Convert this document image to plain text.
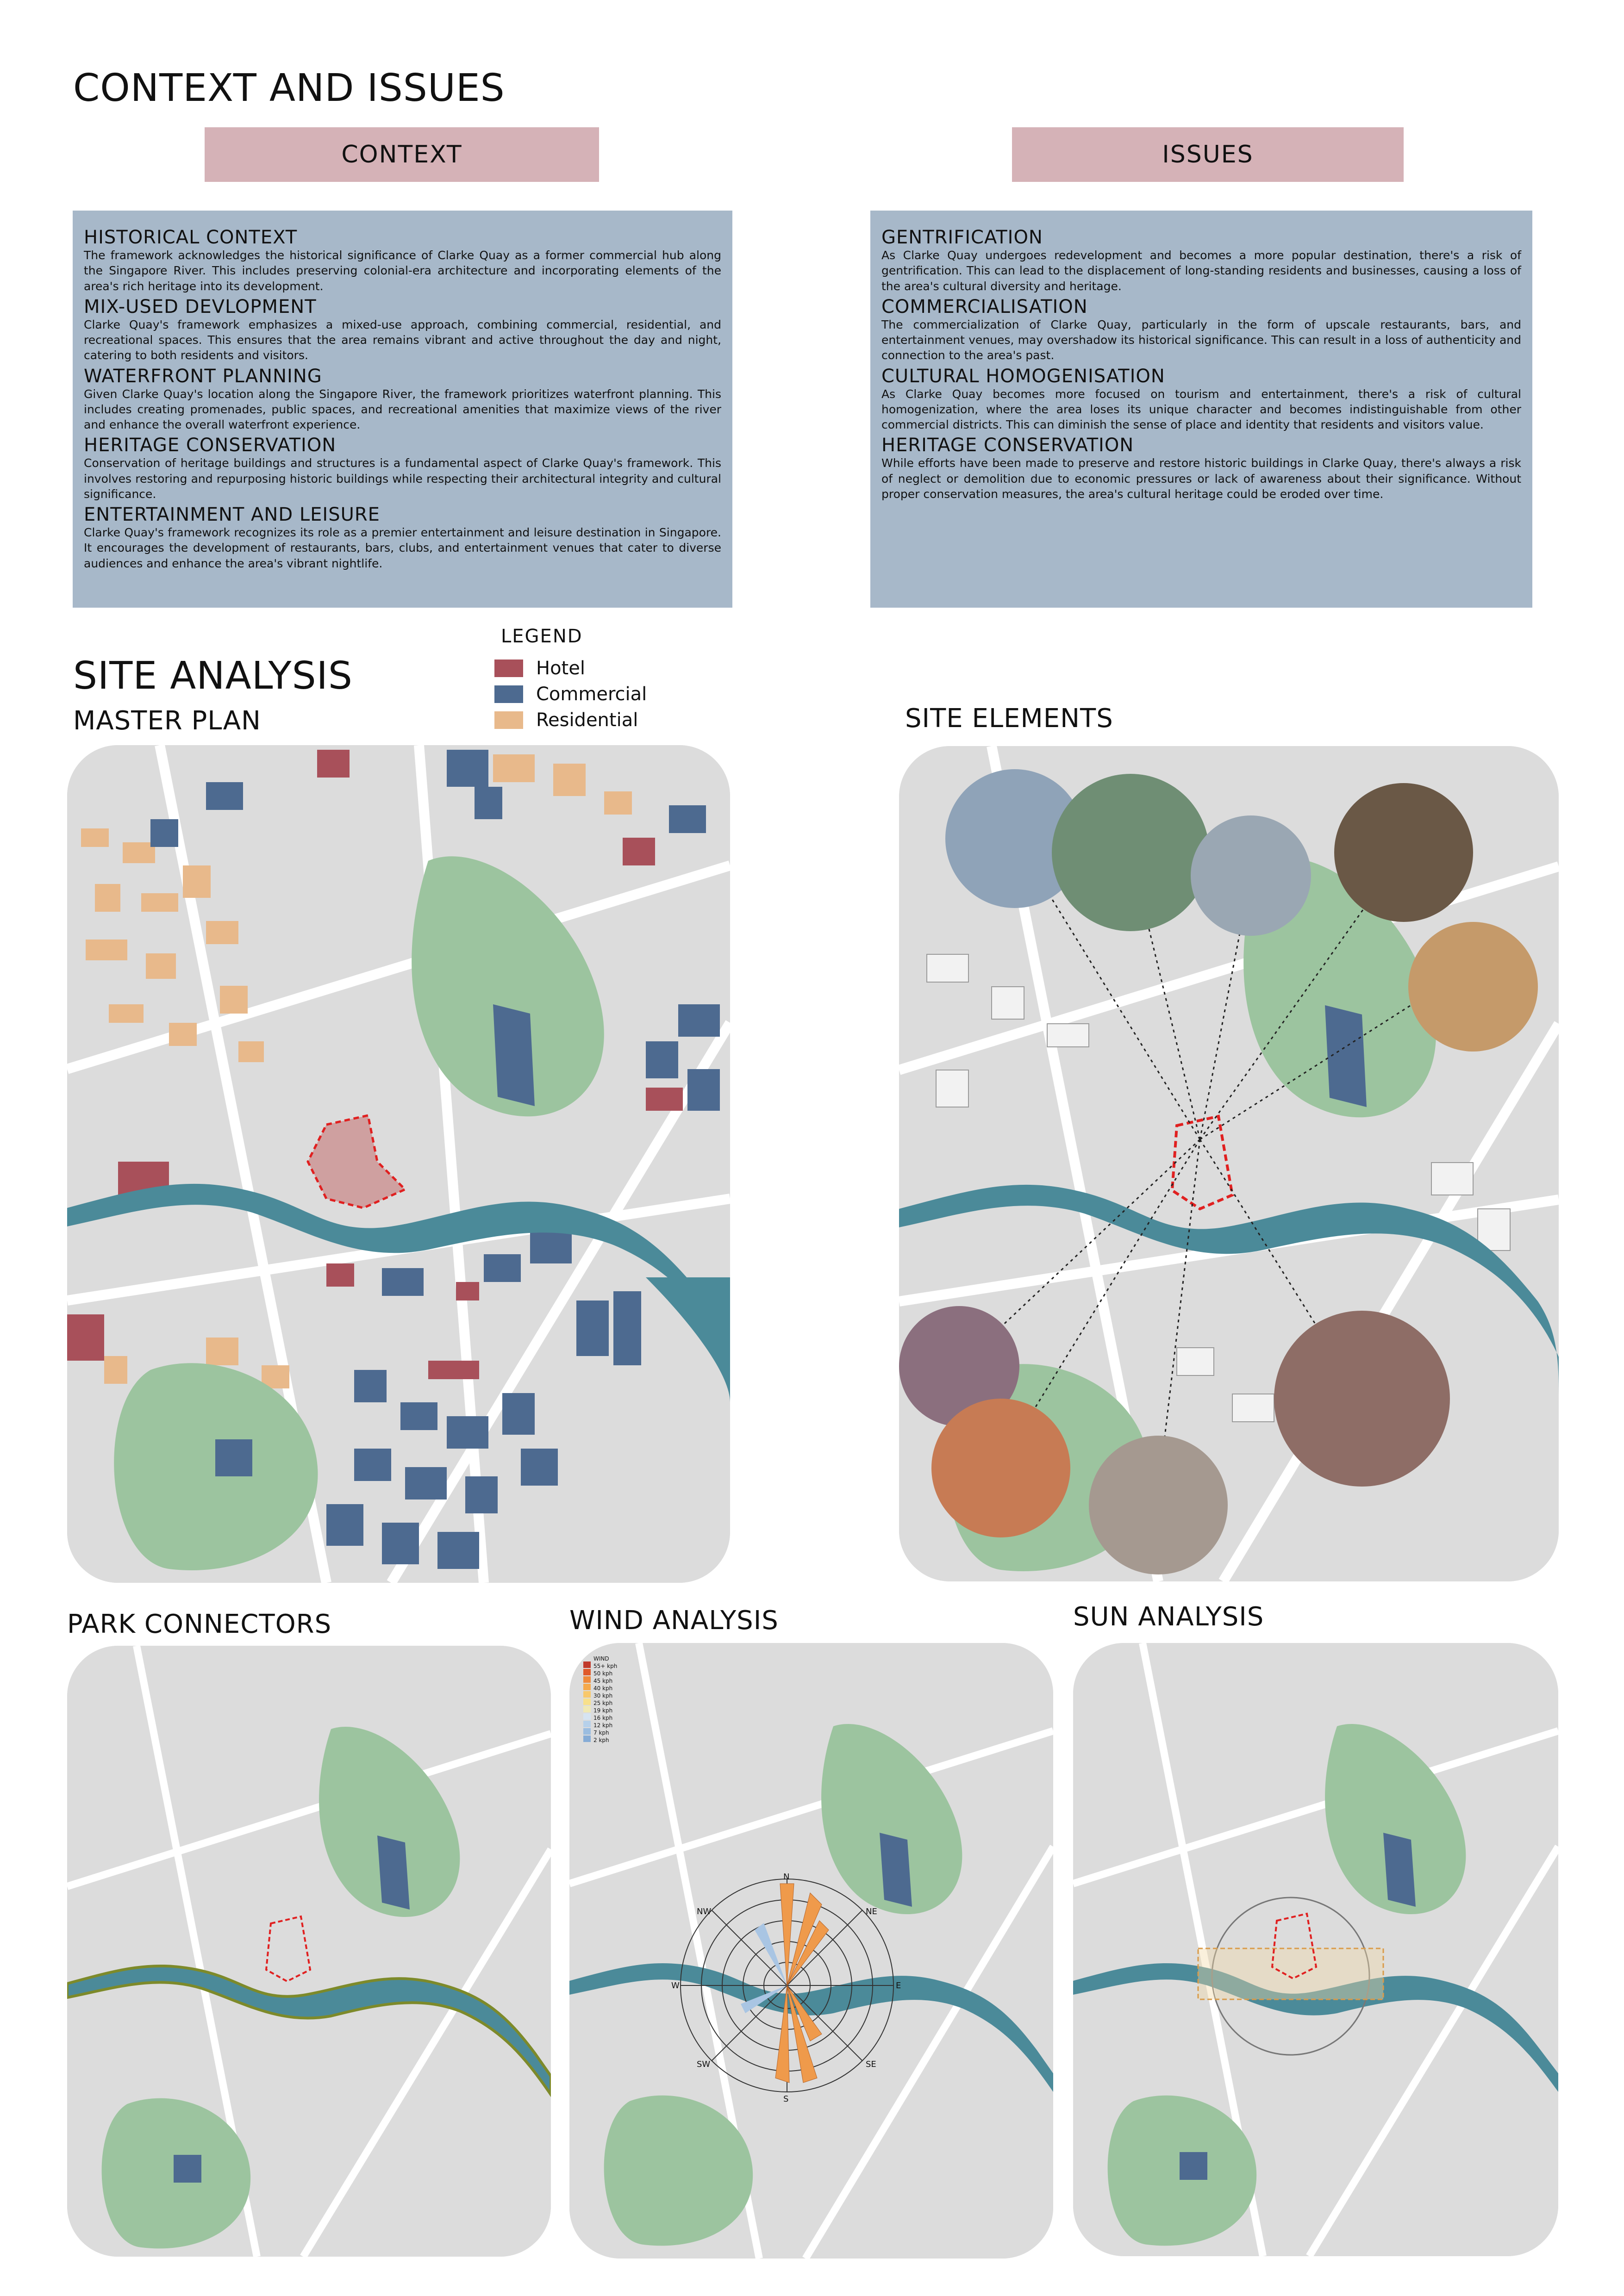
CONTEXT AND ISSUES
CONTEXT	ISSUES
HISTORICAL CONTEXT
The framework acknowledges the historical significance of Clarke Quay as a former commercial hub along the Singapore River. This includes preserving colonial-era architecture and incorporating elements of the area's rich heritage into its development.
MIX-USED DEVLOPMENT
Clarke Quay's framework emphasizes a mixed-use approach, combining commercial, residential, and recreational spaces. This ensures that the area remains vibrant and active throughout the day and night, catering to both residents and visitors.
WATERFRONT PLANNING
Given Clarke Quay's location along the Singapore River, the framework prioritizes waterfront planning. This includes creating promenades, public spaces, and recreational amenities that maximize views of the river and enhance the overall waterfront experience.
HERITAGE CONSERVATION
Conservation of heritage buildings and structures is a fundamental aspect of Clarke Quay's framework. This involves restoring and repurposing historic buildings while respecting their architectural integrity and cultural significance.
ENTERTAINMENT AND LEISURE
Clarke Quay's framework recognizes its role as a premier entertainment and leisure destination in Singapore. It encourages the development of restaurants, bars, clubs, and entertainment venues that cater to diverse audiences and enhance the area's vibrant nightlife.
GENTRIFICATION
As Clarke Quay undergoes redevelopment and becomes a more popular destination, there's a risk of gentrification. This can lead to the displacement of long-standing residents and businesses, causing a loss of the area's cultural diversity and heritage.
COMMERCIALISATION
The commercialization of Clarke Quay, particularly in the form of upscale restaurants, bars, and entertainment venues, may overshadow its historical significance. This can result in a loss of authenticity and connection to the area's past.
CULTURAL HOMOGENISATION
As Clarke Quay becomes more focused on tourism and entertainment, there's a risk of cultural homogenization, where the area loses its unique character and becomes indistinguishable from other commercial districts. This can diminish the sense of place and identity that residents and visitors value.
HERITAGE CONSERVATION
While efforts have been made to preserve and restore historic buildings in Clarke Quay, there's always a risk of neglect or demolition due to economic pressures or lack of awareness about their significance. Without proper conservation measures, the area's cultural heritage could be eroded over time.
SITE ANALYSIS
MASTER PLAN
LEGEND
Hotel
Commercial
Residential	SITE ELEMENTS
PARK CONNECTORS	WIND ANALYSIS	SUN ANALYSIS
WIND
55+ kph
50 kph
45 kph
40 kph
30 kph
25 kph
19 kph
16 kph
12 kph
7 kph
2 kph
N
NE
E
SE
S
SW
W
NW
